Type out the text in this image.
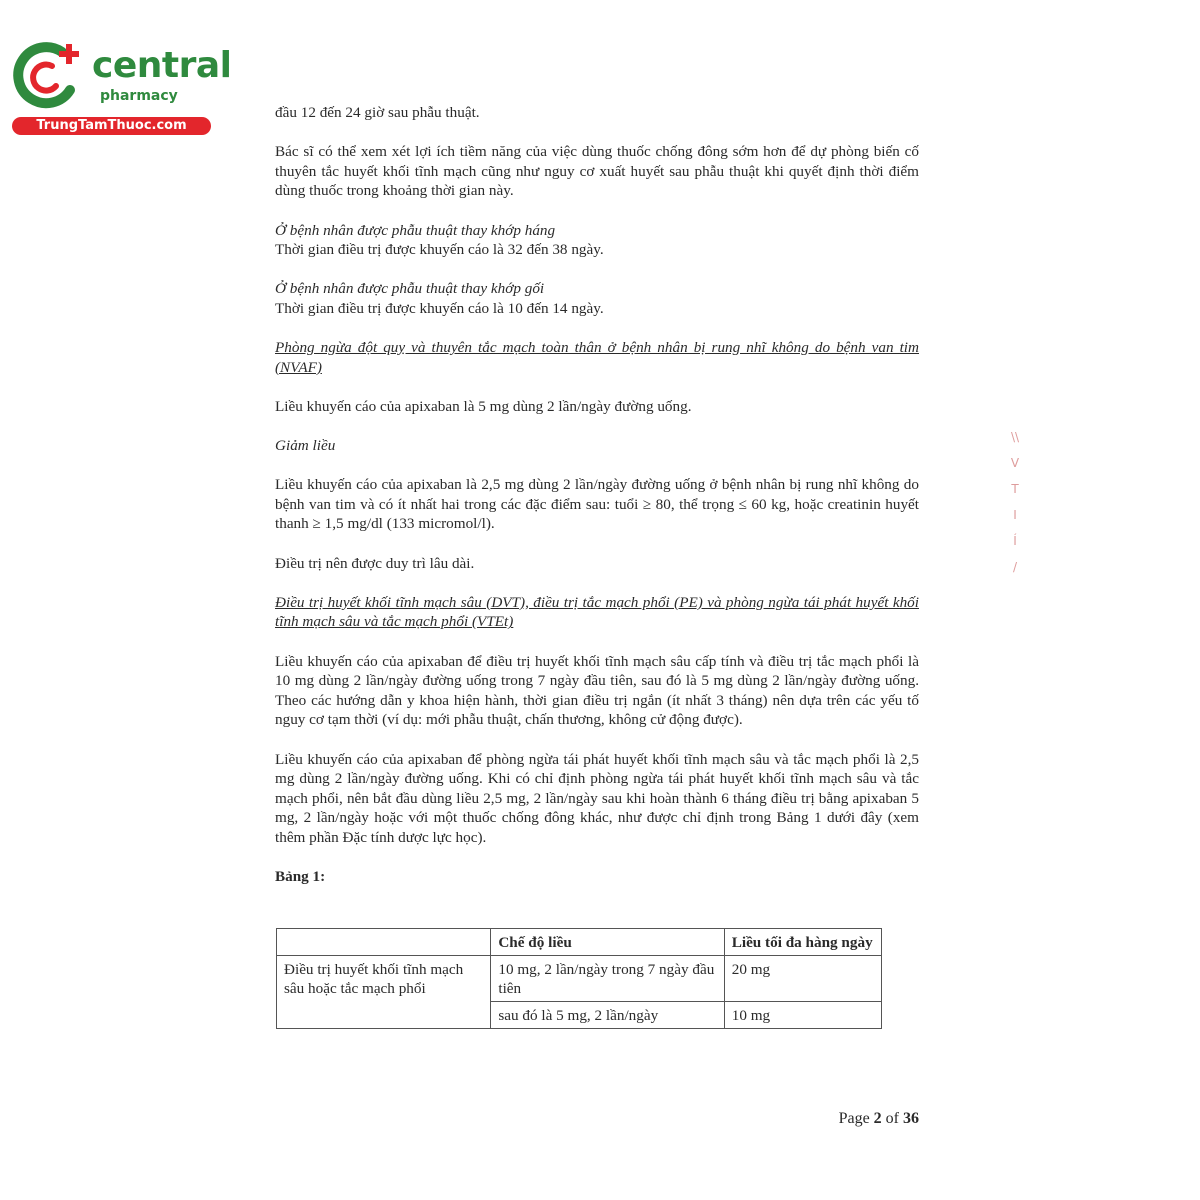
central
pharmacy
TrungTamThuoc.com
\\
V
T
I
Í
/

đầu 12 đến 24 giờ sau phẫu thuật.

Bác sĩ có thể xem xét lợi ích tiềm năng của việc dùng thuốc chống đông sớm hơn để dự phòng biến cố thuyên tắc huyết khối tĩnh mạch cũng như nguy cơ xuất huyết sau phẫu thuật khi quyết định thời điểm dùng thuốc trong khoảng thời gian này.

Ở bệnh nhân được phẫu thuật thay khớp háng

Thời gian điều trị được khuyến cáo là 32 đến 38 ngày.

Ở bệnh nhân được phẫu thuật thay khớp gối

Thời gian điều trị được khuyến cáo là 10 đến 14 ngày.

Phòng ngừa đột quỵ và thuyên tắc mạch toàn thân ở bệnh nhân bị rung nhĩ không do bệnh van tim (NVAF)

Liều khuyến cáo của apixaban là 5 mg dùng 2 lần/ngày đường uống.

Giảm liều

Liều khuyến cáo của apixaban là 2,5 mg dùng 2 lần/ngày đường uống ở bệnh nhân bị rung nhĩ không do bệnh van tim và có ít nhất hai trong các đặc điểm sau: tuổi ≥ 80, thể trọng ≤ 60 kg, hoặc creatinin huyết thanh ≥ 1,5 mg/dl (133 micromol/l).

Điều trị nên được duy trì lâu dài.

Điều trị huyết khối tĩnh mạch sâu (DVT), điều trị tắc mạch phổi (PE) và phòng ngừa tái phát huyết khối tĩnh mạch sâu và tắc mạch phổi (VTEt)

Liều khuyến cáo của apixaban để điều trị huyết khối tĩnh mạch sâu cấp tính và điều trị tắc mạch phổi là 10 mg dùng 2 lần/ngày đường uống trong 7 ngày đầu tiên, sau đó là 5 mg dùng 2 lần/ngày đường uống. Theo các hướng dẫn y khoa hiện hành, thời gian điều trị ngắn (ít nhất 3 tháng) nên dựa trên các yếu tố nguy cơ tạm thời (ví dụ: mới phẫu thuật, chấn thương, không cử động được).

Liều khuyến cáo của apixaban để phòng ngừa tái phát huyết khối tĩnh mạch sâu và tắc mạch phổi là 2,5 mg dùng 2 lần/ngày đường uống. Khi có chỉ định phòng ngừa tái phát huyết khối tĩnh mạch sâu và tắc mạch phổi, nên bắt đầu dùng liều 2,5 mg, 2 lần/ngày sau khi hoàn thành 6 tháng điều trị bằng apixaban 5 mg, 2 lần/ngày hoặc với một thuốc chống đông khác, như được chỉ định trong Bảng 1 dưới đây (xem thêm phần Đặc tính dược lực học).

Bảng 1:

	Chế độ liều	Liều tối đa hàng ngày
Điều trị huyết khối tĩnh mạch sâu hoặc tắc mạch phổi	10 mg, 2 lần/ngày trong 7 ngày đầu tiên	20 mg
	sau đó là 5 mg, 2 lần/ngày	10 mg
Page 2 of 36
